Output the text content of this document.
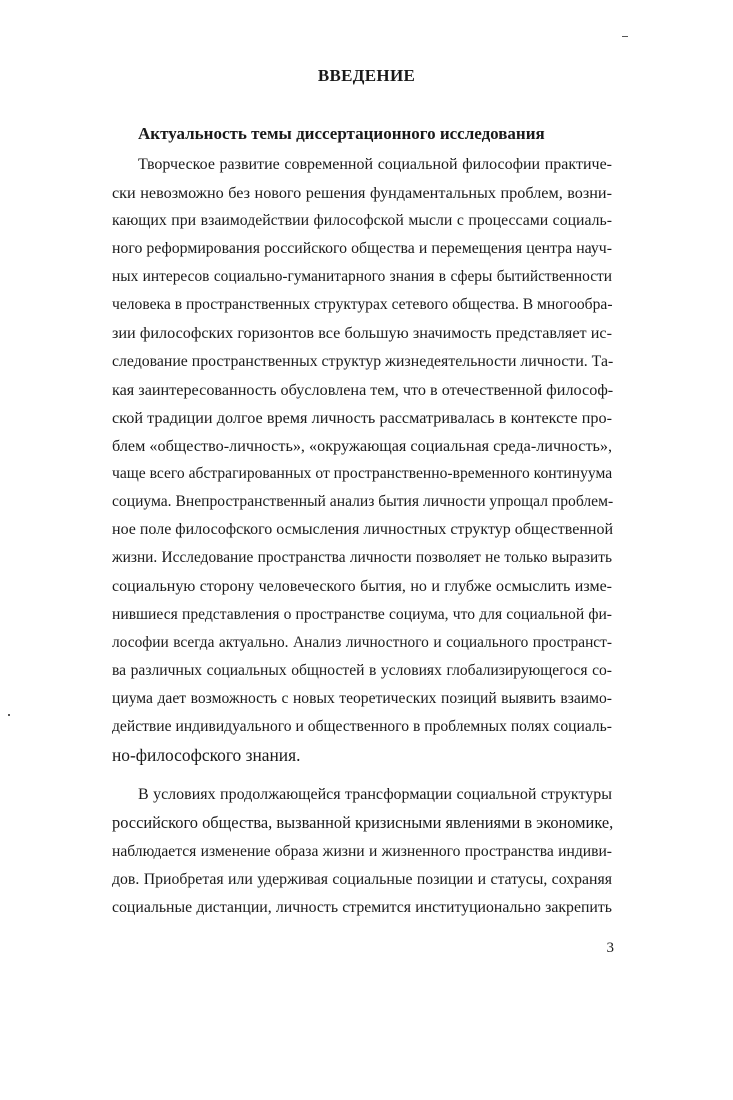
ВВЕДЕНИЕ
Актуальность темы диссертационного исследования
Творческое развитие современной социальной философии практиче-
ски невозможно без нового решения фундаментальных проблем, возни-
кающих при взаимодействии философской мысли с процессами социаль-
ного реформирования российского общества и перемещения центра науч-
ных интересов социально-гуманитарного знания в сферы бытийственности
человека в пространственных структурах сетевого общества. В многообра-
зии философских горизонтов все большую значимость представляет ис-
следование пространственных структур жизнедеятельности личности. Та-
кая заинтересованность обусловлена тем, что в отечественной философ-
ской традиции долгое время личность рассматривалась в контексте про-
блем «общество-личность», «окружающая социальная среда-личность»,
чаще всего абстрагированных от пространственно-временного континуума
социума. Внепространственный анализ бытия личности упрощал проблем-
ное поле философского осмысления личностных структур общественной
жизни. Исследование пространства личности позволяет не только выразить
социальную сторону человеческого бытия, но и глубже осмыслить изме-
нившиеся представления о пространстве социума, что для социальной фи-
лософии всегда актуально. Анализ личностного и социального пространст-
ва различных социальных общностей в условиях глобализирующегося со-
циума дает возможность с новых теоретических позиций выявить взаимо-
действие индивидуального и общественного в проблемных полях социаль-
но-философского знания.
В условиях продолжающейся трансформации социальной структуры
российского общества, вызванной кризисными явлениями в экономике,
наблюдается изменение образа жизни и жизненного пространства индиви-
дов. Приобретая или удерживая социальные позиции и статусы, сохраняя
социальные дистанции, личность стремится институционально закрепить
3
